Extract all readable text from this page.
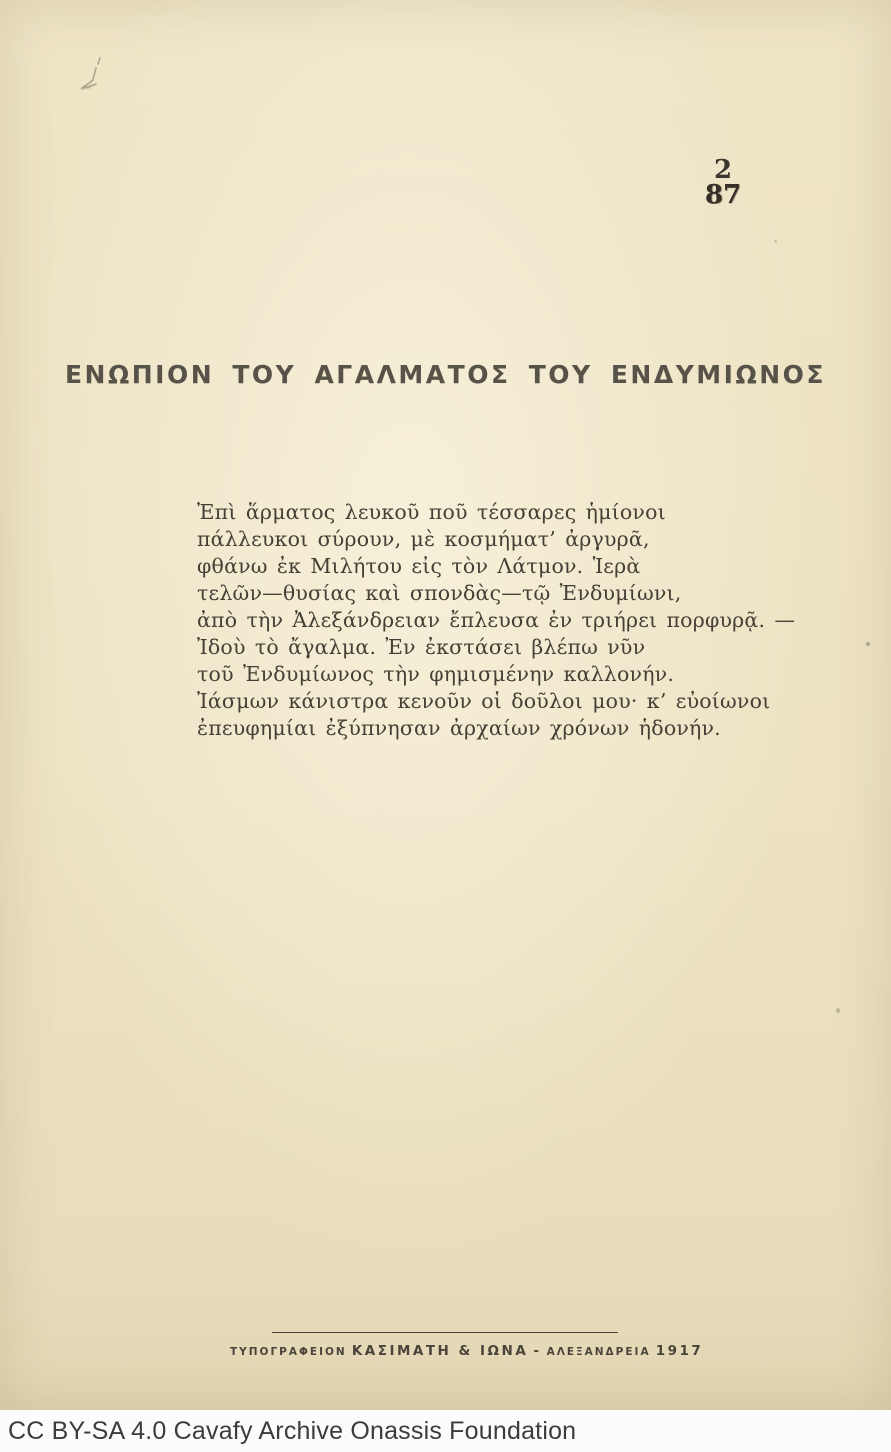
2
87
ΕΝΩΠΙΟΝ ΤΟΥ ΑΓΑΛΜΑΤΟΣ ΤΟΥ ΕΝΔΥΜΙΩΝΟΣ
Ἐπὶ ἅρματος λευκοῦ ποῦ τέσσαρες ἡμίονοι
πάλλευκοι σύρουν, μὲ κοσμήματ’ ἀργυρᾶ,
φθάνω ἐκ Μιλήτου εἰς τὸν Λάτμον. Ἱερὰ
τελῶν—θυσίας καὶ σπονδὰς—τῷ Ἐνδυμίωνι,
ἀπὸ τὴν Ἀλεξάνδρειαν ἔπλευσα ἐν τριήρει πορφυρᾷ. —
Ἰδοὺ τὸ ἄγαλμα. Ἐν ἐκστάσει βλέπω νῦν
τοῦ Ἐνδυμίωνος τὴν φημισμένην καλλονήν.
Ἰάσμων κάνιστρα κενοῦν οἱ δοῦλοι μου· κ’ εὐοίωνοι
ἐπευφημίαι ἐξύπνησαν ἀρχαίων χρόνων ἡδονήν.
ΤΥΠΟΓΡΑΦΕΙΟΝ ΚΑΣΙΜΑΤΗ & ΙΩΝΑ - ΑΛΕΞΑΝΔΡΕΙΑ 1917
CC BY-SA 4.0 Cavafy Archive Onassis Foundation
